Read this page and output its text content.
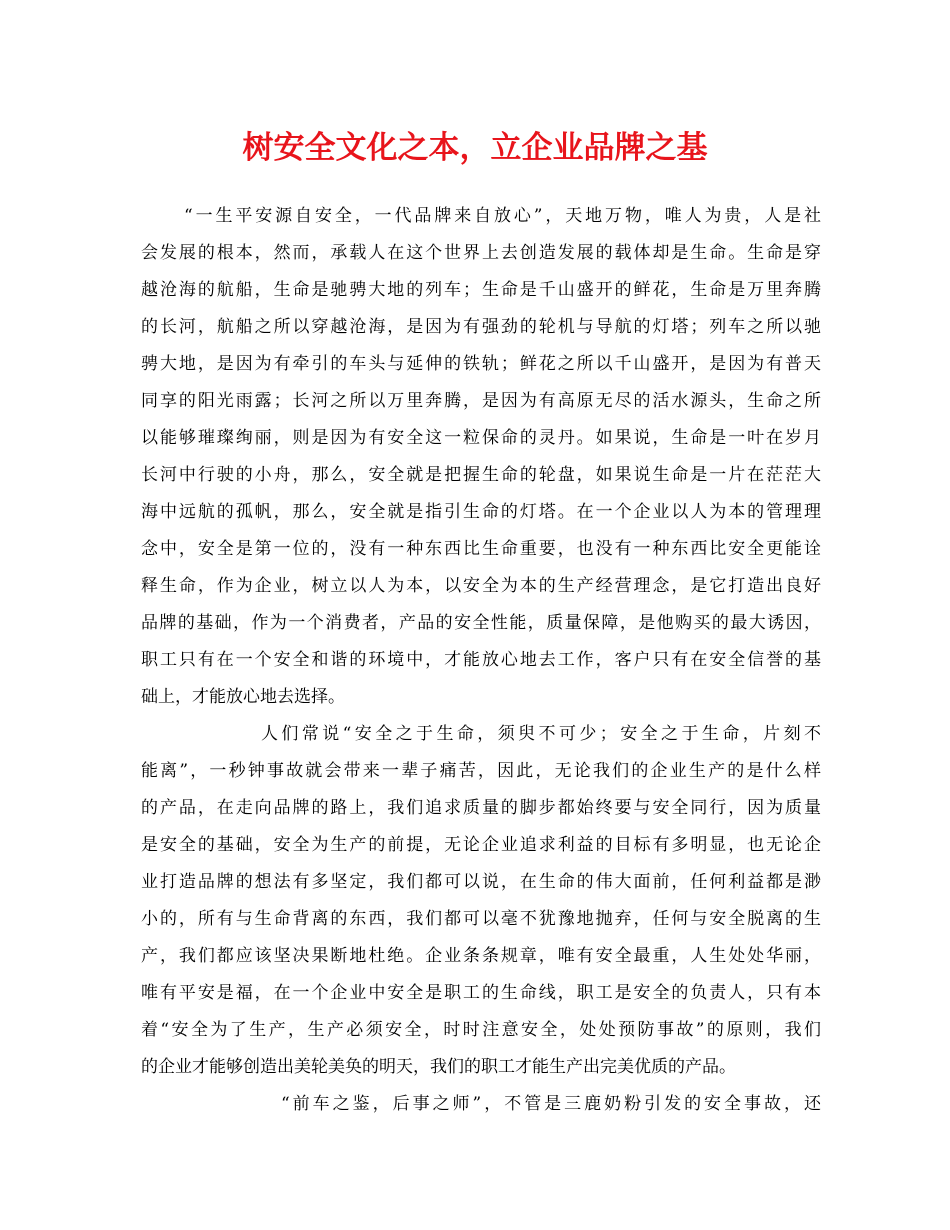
树安全文化之本，立企业品牌之基
“一生平安源自安全，一代品牌来自放心”，天地万物，唯人为贵，人是社
会发展的根本，然而，承载人在这个世界上去创造发展的载体却是生命。生命是穿
越沧海的航船，生命是驰骋大地的列车；生命是千山盛开的鲜花，生命是万里奔腾
的长河，航船之所以穿越沧海，是因为有强劲的轮机与导航的灯塔；列车之所以驰
骋大地，是因为有牵引的车头与延伸的铁轨；鲜花之所以千山盛开，是因为有普天
同享的阳光雨露；长河之所以万里奔腾，是因为有高原无尽的活水源头，生命之所
以能够璀璨绚丽，则是因为有安全这一粒保命的灵丹。如果说，生命是一叶在岁月
长河中行驶的小舟，那么，安全就是把握生命的轮盘，如果说生命是一片在茫茫大
海中远航的孤帆，那么，安全就是指引生命的灯塔。在一个企业以人为本的管理理
念中，安全是第一位的，没有一种东西比生命重要，也没有一种东西比安全更能诠
释生命，作为企业，树立以人为本，以安全为本的生产经营理念，是它打造出良好
品牌的基础，作为一个消费者，产品的安全性能，质量保障，是他购买的最大诱因，
职工只有在一个安全和谐的环境中，才能放心地去工作，客户只有在安全信誉的基
础上，才能放心地去选择。
人们常说“安全之于生命，须臾不可少；安全之于生命，片刻不
能离”，一秒钟事故就会带来一辈子痛苦，因此，无论我们的企业生产的是什么样
的产品，在走向品牌的路上，我们追求质量的脚步都始终要与安全同行，因为质量
是安全的基础，安全为生产的前提，无论企业追求利益的目标有多明显，也无论企
业打造品牌的想法有多坚定，我们都可以说，在生命的伟大面前，任何利益都是渺
小的，所有与生命背离的东西，我们都可以毫不犹豫地抛弃，任何与安全脱离的生
产，我们都应该坚决果断地杜绝。企业条条规章，唯有安全最重，人生处处华丽，
唯有平安是福，在一个企业中安全是职工的生命线，职工是安全的负责人，只有本
着“安全为了生产，生产必须安全，时时注意安全，处处预防事故”的原则，我们
的企业才能够创造出美轮美奂的明天，我们的职工才能生产出完美优质的产品。
“前车之鉴，后事之师”，不管是三鹿奶粉引发的安全事故，还
